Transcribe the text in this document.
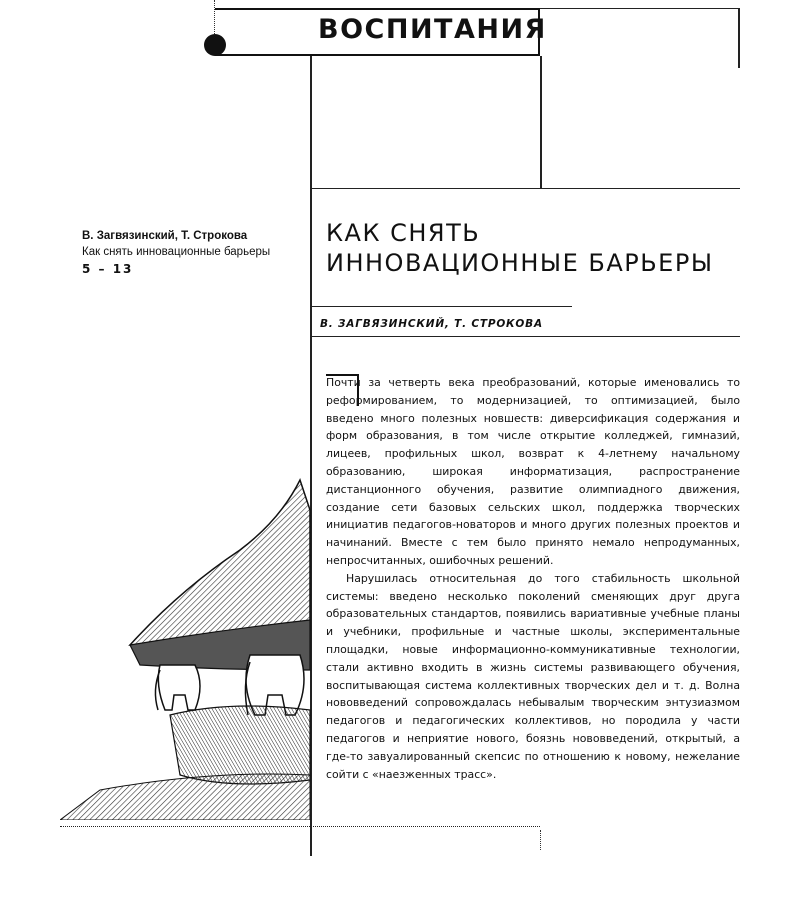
ВОСПИТАНИЯ
В. Загвязинский, Т. Строкова
Как снять инновационные барьеры
5 – 13
КАК СНЯТЬ
ИННОВАЦИОННЫЕ БАРЬЕРЫ
В. ЗАГВЯЗИНСКИЙ, Т. СТРОКОВА

Почти за четверть века преобразований, которые именовались то реформированием, то модернизацией, то оптимизацией, было введено много полезных новшеств: диверсификация содержания и форм образования, в том числе открытие колледжей, гимназий, лицеев, профильных школ, возврат к 4-летнему начальному образованию, широкая информатизация, распространение дистанционного обучения, развитие олимпиадного движения, создание сети базовых сельских школ, поддержка творческих инициатив педагогов-новаторов и много других полезных проектов и начинаний. Вместе с тем было принято немало непродуманных, непросчитанных, ошибочных решений.

Нарушилась относительная до того стабильность школьной системы: введено несколько поколений сменяющих друг друга образовательных стандартов, появились вариативные учебные планы и учебники, профильные и частные школы, экспериментальные площадки, новые информационно-коммуникативные технологии, стали активно входить в жизнь системы развивающего обучения, воспитывающая система коллективных творческих дел и т. д. Волна нововведений сопровождалась небывалым творческим энтузиазмом педагогов и педагогических коллективов, но породила у части педагогов и неприятие нового, боязнь нововведений, открытый, а где-то завуалированный скепсис по отношению к новому, нежелание сойти с «наезженных трасс».
